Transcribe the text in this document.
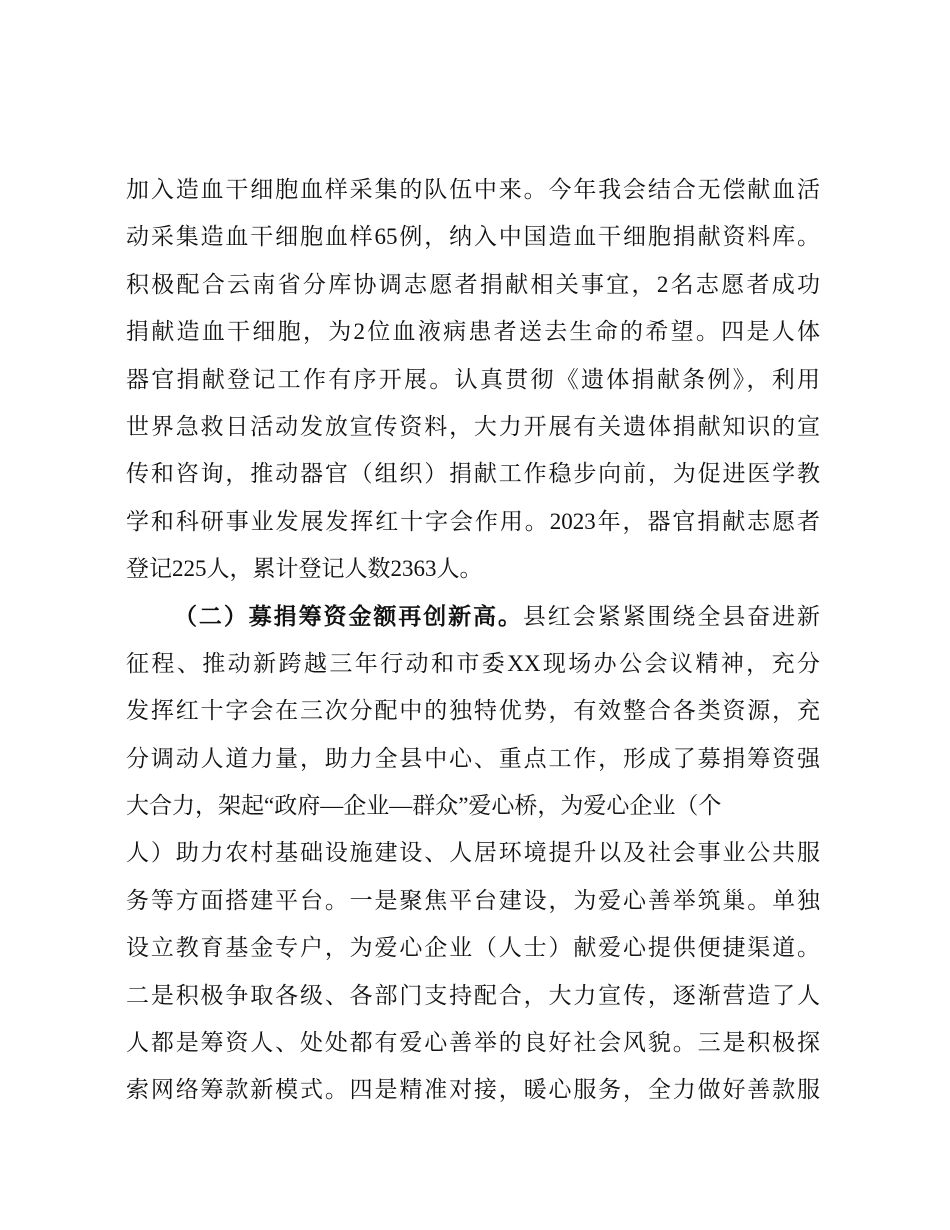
加入造血干细胞血样采集的队伍中来。今年我会结合无偿献血活
动采集造血干细胞血样65例，纳入中国造血干细胞捐献资料库。
积极配合云南省分库协调志愿者捐献相关事宜，2名志愿者成功
捐献造血干细胞，为2位血液病患者送去生命的希望。四是人体
器官捐献登记工作有序开展。认真贯彻《遗体捐献条例》，利用
世界急救日活动发放宣传资料，大力开展有关遗体捐献知识的宣
传和咨询，推动器官（组织）捐献工作稳步向前，为促进医学教
学和科研事业发展发挥红十字会作用。2023年，器官捐献志愿者
登记225人，累计登记人数2363人。
（二）募捐筹资金额再创新高。县红会紧紧围绕全县奋进新
征程、推动新跨越三年行动和市委XX现场办公会议精神，充分
发挥红十字会在三次分配中的独特优势，有效整合各类资源，充
分调动人道力量，助力全县中心、重点工作，形成了募捐筹资强
大合力，架起“政府—企业—群众”爱心桥，为爱心企业（个
人）助力农村基础设施建设、人居环境提升以及社会事业公共服
务等方面搭建平台。一是聚焦平台建设，为爱心善举筑巢。单独
设立教育基金专户，为爱心企业（人士）献爱心提供便捷渠道。
二是积极争取各级、各部门支持配合，大力宣传，逐渐营造了人
人都是筹资人、处处都有爱心善举的良好社会风貌。三是积极探
索网络筹款新模式。四是精准对接，暖心服务，全力做好善款服
